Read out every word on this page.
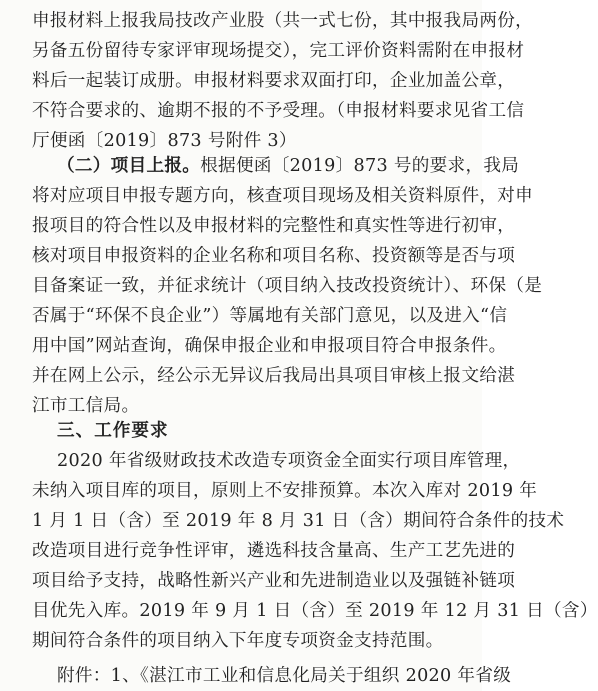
申报材料上报我局技改产业股（共一式七份，其中报我局两份，
另备五份留待专家评审现场提交），完工评价资料需附在申报材
料后一起装订成册。申报材料要求双面打印，企业加盖公章，
不符合要求的、逾期不报的不予受理。（申报材料要求见省工信
厅便函〔2019〕873 号附件 3）
（二）项目上报。根据便函〔2019〕873 号的要求，我局
将对应项目申报专题方向，核查项目现场及相关资料原件，对申
报项目的符合性以及申报材料的完整性和真实性等进行初审，
核对项目申报资料的企业名称和项目名称、投资额等是否与项
目备案证一致，并征求统计（项目纳入技改投资统计）、环保（是
否属于“环保不良企业”）等属地有关部门意见，以及进入“信
用中国”网站查询，确保申报企业和申报项目符合申报条件。
并在网上公示，经公示无异议后我局出具项目审核上报文给湛
江市工信局。
三、工作要求
2020 年省级财政技术改造专项资金全面实行项目库管理，
未纳入项目库的项目，原则上不安排预算。本次入库对 2019 年
1 月 1 日（含）至 2019 年 8 月 31 日（含）期间符合条件的技术
改造项目进行竞争性评审，遴选科技含量高、生产工艺先进的
项目给予支持，战略性新兴产业和先进制造业以及强链补链项
目优先入库。2019 年 9 月 1 日（含）至 2019 年 12 月 31 日（含）
期间符合条件的项目纳入下年度专项资金支持范围。
附件：1、《湛江市工业和信息化局关于组织 2020 年省级
